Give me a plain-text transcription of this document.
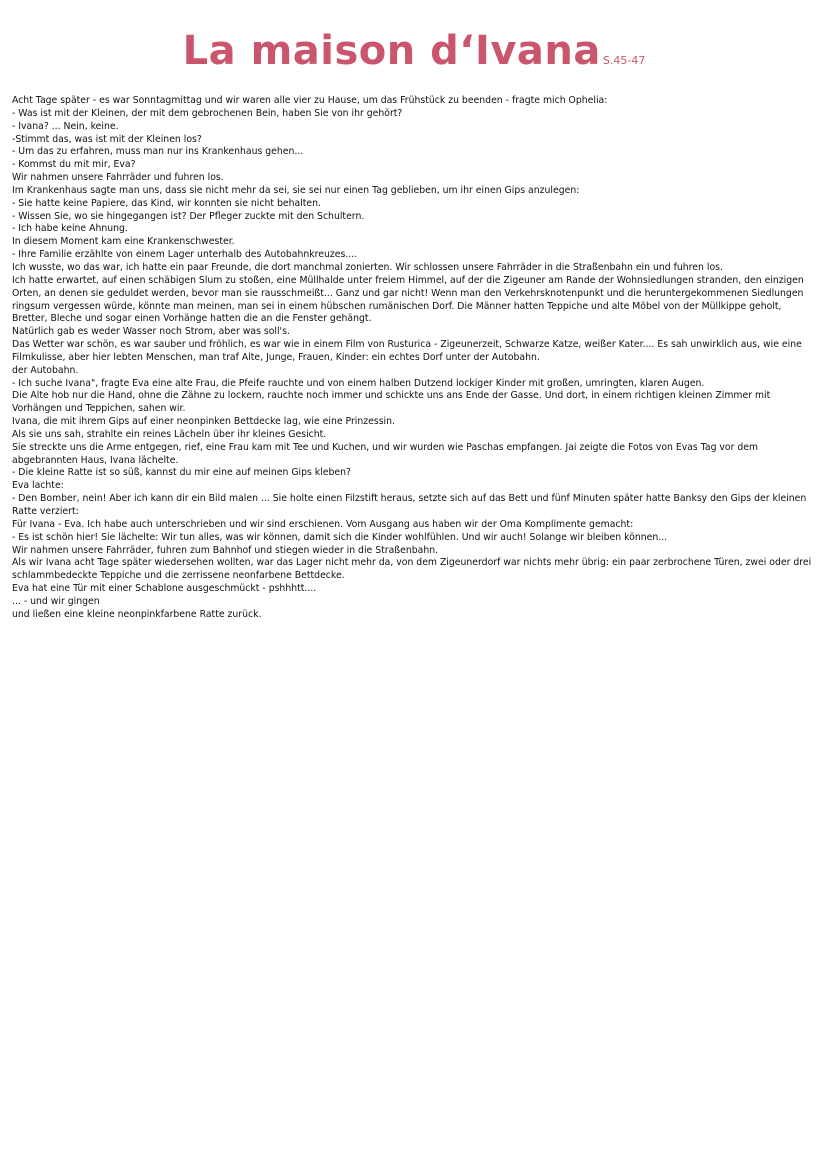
La maison d‘Ivana S.45-47

Acht Tage später - es war Sonntagmittag und wir waren alle vier zu Hause, um das Frühstück zu beenden - fragte mich Ophelia:

- Was ist mit der Kleinen, der mit dem gebrochenen Bein, haben Sie von ihr gehört?

- Ivana? ... Nein, keine.

-Stimmt das, was ist mit der Kleinen los?

- Um das zu erfahren, muss man nur ins Krankenhaus gehen...

- Kommst du mit mir, Eva?

Wir nahmen unsere Fahrräder und fuhren los.

Im Krankenhaus sagte man uns, dass sie nicht mehr da sei, sie sei nur einen Tag geblieben, um ihr einen Gips anzulegen:

- Sie hatte keine Papiere, das Kind, wir konnten sie nicht behalten.

- Wissen Sie, wo sie hingegangen ist? Der Pfleger zuckte mit den Schultern.

- Ich habe keine Ahnung.

In diesem Moment kam eine Krankenschwester.

- Ihre Familie erzählte von einem Lager unterhalb des Autobahnkreuzes....

Ich wusste, wo das war, ich hatte ein paar Freunde, die dort manchmal zonierten. Wir schlossen unsere Fahrräder in die Straßenbahn ein und fuhren los.

Ich hatte erwartet, auf einen schäbigen Slum zu stoßen, eine Müllhalde unter freiem Himmel, auf der die Zigeuner am Rande der Wohnsiedlungen stranden, den einzigen Orten, an denen sie geduldet werden, bevor man sie rausschmeißt... Ganz und gar nicht! Wenn man den Verkehrsknotenpunkt und die heruntergekommenen Siedlungen ringsum vergessen würde, könnte man meinen, man sei in einem hübschen rumänischen Dorf. Die Männer hatten Teppiche und alte Möbel von der Müllkippe geholt, Bretter, Bleche und sogar einen Vorhänge hatten die an die Fenster gehängt.

Natürlich gab es weder Wasser noch Strom, aber was soll's.

Das Wetter war schön, es war sauber und fröhlich, es war wie in einem Film von Rusturica - Zigeunerzeit, Schwarze Katze, weißer Kater.... Es sah unwirklich aus, wie eine Filmkulisse, aber hier lebten Menschen, man traf Alte, Junge, Frauen, Kinder: ein echtes Dorf unter der Autobahn.

der Autobahn.

- Ich suche Ivana", fragte Eva eine alte Frau, die Pfeife rauchte und von einem halben Dutzend lockiger Kinder mit großen, umringten, klaren Augen.

Die Alte hob nur die Hand, ohne die Zähne zu lockern, rauchte noch immer und schickte uns ans Ende der Gasse. Und dort, in einem richtigen kleinen Zimmer mit Vorhängen und Teppichen, sahen wir.

Ivana, die mit ihrem Gips auf einer neonpinken Bettdecke lag, wie eine Prinzessin.

Als sie uns sah, strahlte ein reines Lächeln über ihr kleines Gesicht.

Sie streckte uns die Arme entgegen, rief, eine Frau kam mit Tee und Kuchen, und wir wurden wie Paschas empfangen. Jai zeigte die Fotos von Evas Tag vor dem abgebrannten Haus, Ivana lächelte.

- Die kleine Ratte ist so süß, kannst du mir eine auf meinen Gips kleben?

Eva lachte:

- Den Bomber, nein! Aber ich kann dir ein Bild malen ... Sie holte einen Filzstift heraus, setzte sich auf das Bett und fünf Minuten später hatte Banksy den Gips der kleinen Ratte verziert:

Für Ivana - Eva. Ich habe auch unterschrieben und wir sind erschienen. Vom Ausgang aus haben wir der Oma Komplimente gemacht:

- Es ist schön hier! Sie lächelte: Wir tun alles, was wir können, damit sich die Kinder wohlfühlen. Und wir auch! Solange wir bleiben können...

Wir nahmen unsere Fahrräder, fuhren zum Bahnhof und stiegen wieder in die Straßenbahn.

Als wir Ivana acht Tage später wiedersehen wollten, war das Lager nicht mehr da, von dem Zigeunerdorf war nichts mehr übrig: ein paar zerbrochene Türen, zwei oder drei schlammbedeckte Teppiche und die zerrissene neonfarbene Bettdecke.

Eva hat eine Tür mit einer Schablone ausgeschmückt - pshhhtt....

... - und wir gingen

und ließen eine kleine neonpinkfarbene Ratte zurück.
